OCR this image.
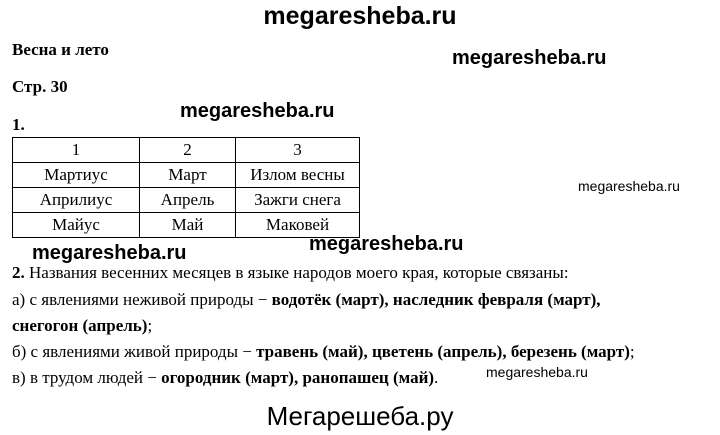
megaresheba.ru
megaresheba.ru
megaresheba.ru
megaresheba.ru
Весна и лето
Стр. 30
1.
1	2	3
Мартиус	Март	Излом весны
Априлиус	Апрель	Зажги снега
Майус	Май	Маковей
megaresheba.ru	megaresheba.ru
2. Названия весенних месяцев в языке народов моего края, которые связаны:
а) с явлениями неживой природы − водотёк (март), наследник февраля (март),
снегогон (апрель);
б) с явлениями живой природы − травень (май), цветень (апрель), березень (март);
в) в трудом людей − огородник (март), ранопашец (май).	megaresheba.ru
Мегарешеба.ру
